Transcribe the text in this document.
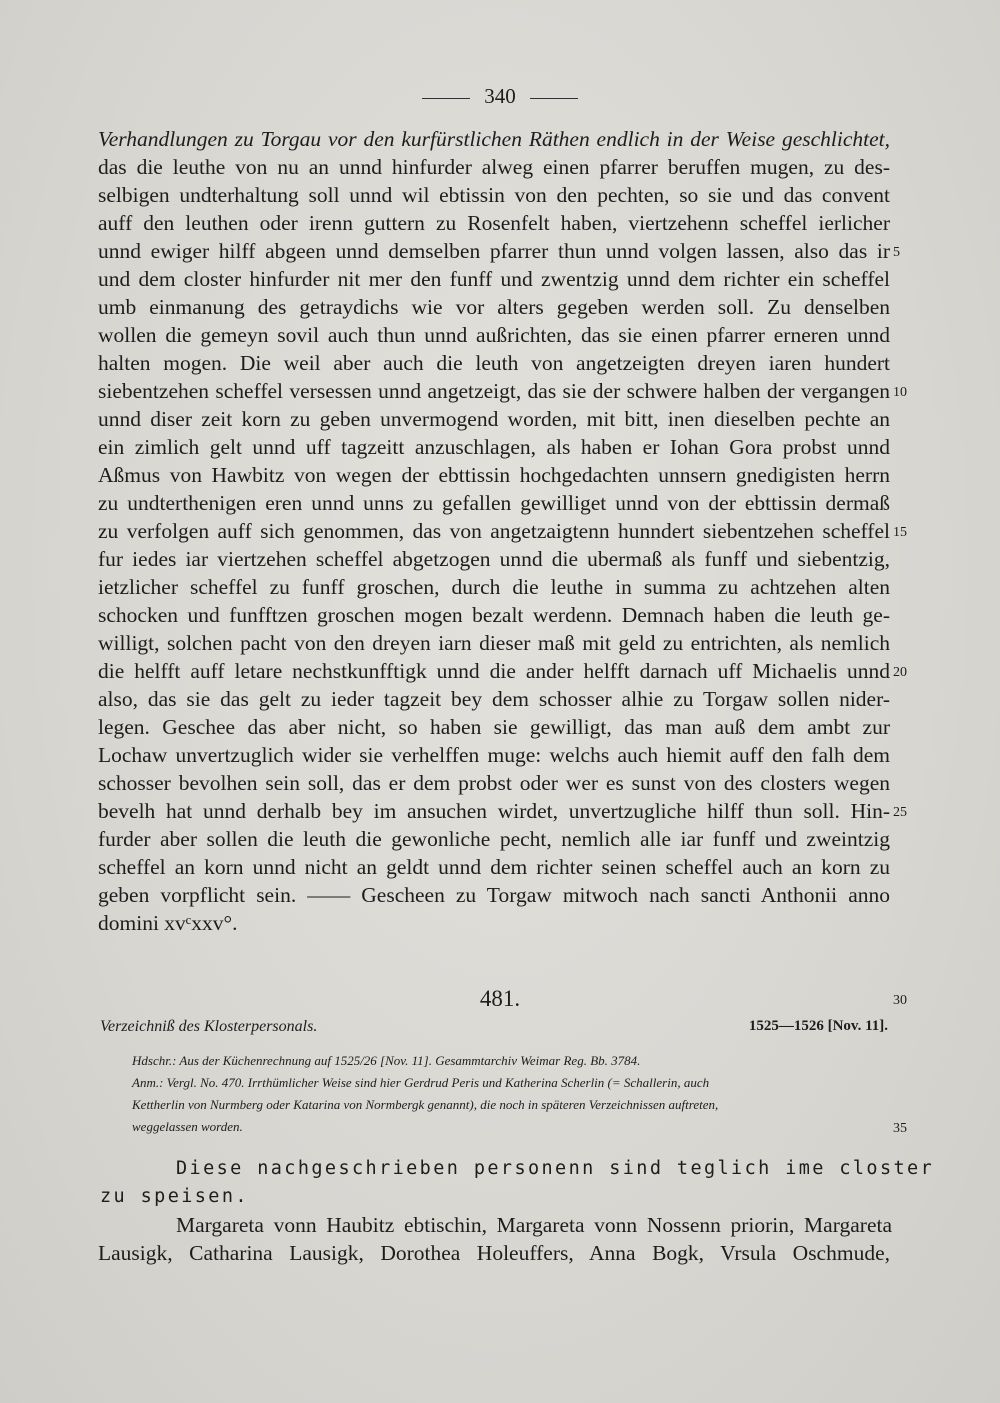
340
Verhandlungen zu Torgau vor den kurfürstlichen Räthen endlich in der Weise geschlichtet,
das die leuthe von nu an unnd hinfurder alweg einen pfarrer beruffen mugen, zu des-
selbigen undterhaltung soll unnd wil ebtissin von den pechten, so sie und das convent
auff den leuthen oder irenn guttern zu Rosenfelt haben, viertzehenn scheffel ierlicher
unnd ewiger hilff abgeen unnd demselben pfarrer thun unnd volgen lassen, also das ir
und dem closter hinfurder nit mer den funff und zwentzig unnd dem richter ein scheffel
umb einmanung des getraydichs wie vor alters gegeben werden soll. Zu denselben
wollen die gemeyn sovil auch thun unnd außrichten, das sie einen pfarrer erneren unnd
halten mogen. Die weil aber auch die leuth von angetzeigten dreyen iaren hundert
siebentzehen scheffel versessen unnd angetzeigt, das sie der schwere halben der vergangen
unnd diser zeit korn zu geben unvermogend worden, mit bitt, inen dieselben pechte an
ein zimlich gelt unnd uff tagzeitt anzuschlagen, als haben er Iohan Gora probst unnd
Aßmus von Hawbitz von wegen der ebttissin hochgedachten unnsern gnedigisten herrn
zu undterthenigen eren unnd unns zu gefallen gewilliget unnd von der ebttissin dermaß
zu verfolgen auff sich genommen, das von angetzaigtenn hunndert siebentzehen scheffel
fur iedes iar viertzehen scheffel abgetzogen unnd die ubermaß als funff und siebentzig,
ietzlicher scheffel zu funff groschen, durch die leuthe in summa zu achtzehen alten
schocken und funfftzen groschen mogen bezalt werdenn. Demnach haben die leuth ge-
willigt, solchen pacht von den dreyen iarn dieser maß mit geld zu entrichten, als nemlich
die helfft auff letare nechstkunfftigk unnd die ander helfft darnach uff Michaelis unnd
also, das sie das gelt zu ieder tagzeit bey dem schosser alhie zu Torgaw sollen nider-
legen. Geschee das aber nicht, so haben sie gewilligt, das man auß dem ambt zur
Lochaw unvertzuglich wider sie verhelffen muge: welchs auch hiemit auff den falh dem
schosser bevolhen sein soll, das er dem probst oder wer es sunst von des closters wegen
bevelh hat unnd derhalb bey im ansuchen wirdet, unvertzugliche hilff thun soll. Hin-
furder aber sollen die leuth die gewonliche pecht, nemlich alle iar funff und zweintzig
scheffel an korn unnd nicht an geldt unnd dem richter seinen scheffel auch an korn zu
geben vorpflicht sein. —— Gescheen zu Torgaw mitwoch nach sancti Anthonii anno
domini xvᶜxxv°.
5
10
15
20
25
30
35
481.
Verzeichniß des Klosterpersonals.	1525—1526 [Nov. 11].
Hdschr.: Aus der Küchenrechnung auf 1525/26 [Nov. 11]. Gesammtarchiv Weimar Reg. Bb. 3784.
Anm.: Vergl. No. 470. Irrthümlicher Weise sind hier Gerdrud Peris und Katherina Scherlin (= Schallerin, auch
Kettherlin von Nurmberg oder Katarina von Normbergk genannt), die noch in späteren Verzeichnissen auftreten,
weggelassen worden.
Diese nachgeschrieben personenn sind teglich ime closter
zu speisen.
Margareta vonn Haubitz ebtischin, Margareta vonn Nossenn priorin, Margareta
Lausigk, Catharina Lausigk, Dorothea Holeuffers, Anna Bogk, Vrsula Oschmude,
